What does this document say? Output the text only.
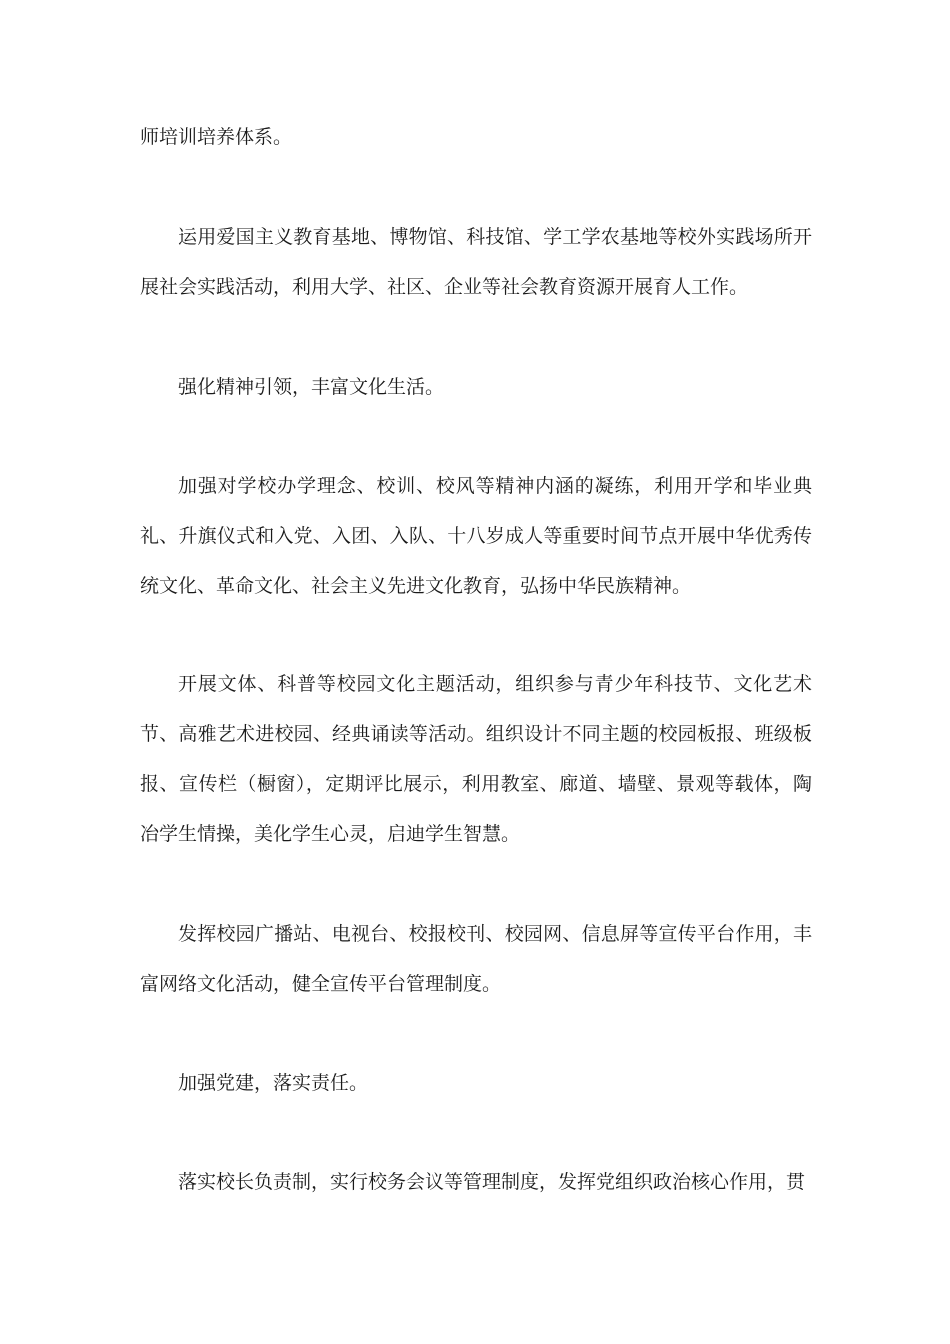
师培训培养体系。

运用爱国主义教育基地、博物馆、科技馆、学工学农基地等校外实践场所开展社会实践活动，利用大学、社区、企业等社会教育资源开展育人工作。

强化精神引领，丰富文化生活。

加强对学校办学理念、校训、校风等精神内涵的凝练，利用开学和毕业典礼、升旗仪式和入党、入团、入队、十八岁成人等重要时间节点开展中华优秀传统文化、革命文化、社会主义先进文化教育，弘扬中华民族精神。

开展文体、科普等校园文化主题活动，组织参与青少年科技节、文化艺术节、高雅艺术进校园、经典诵读等活动。组织设计不同主题的校园板报、班级板报、宣传栏（橱窗），定期评比展示，利用教室、廊道、墙壁、景观等载体，陶冶学生情操，美化学生心灵，启迪学生智慧。

发挥校园广播站、电视台、校报校刊、校园网、信息屏等宣传平台作用，丰富网络文化活动，健全宣传平台管理制度。

加强党建，落实责任。

落实校长负责制，实行校务会议等管理制度，发挥党组织政治核心作用，贯
